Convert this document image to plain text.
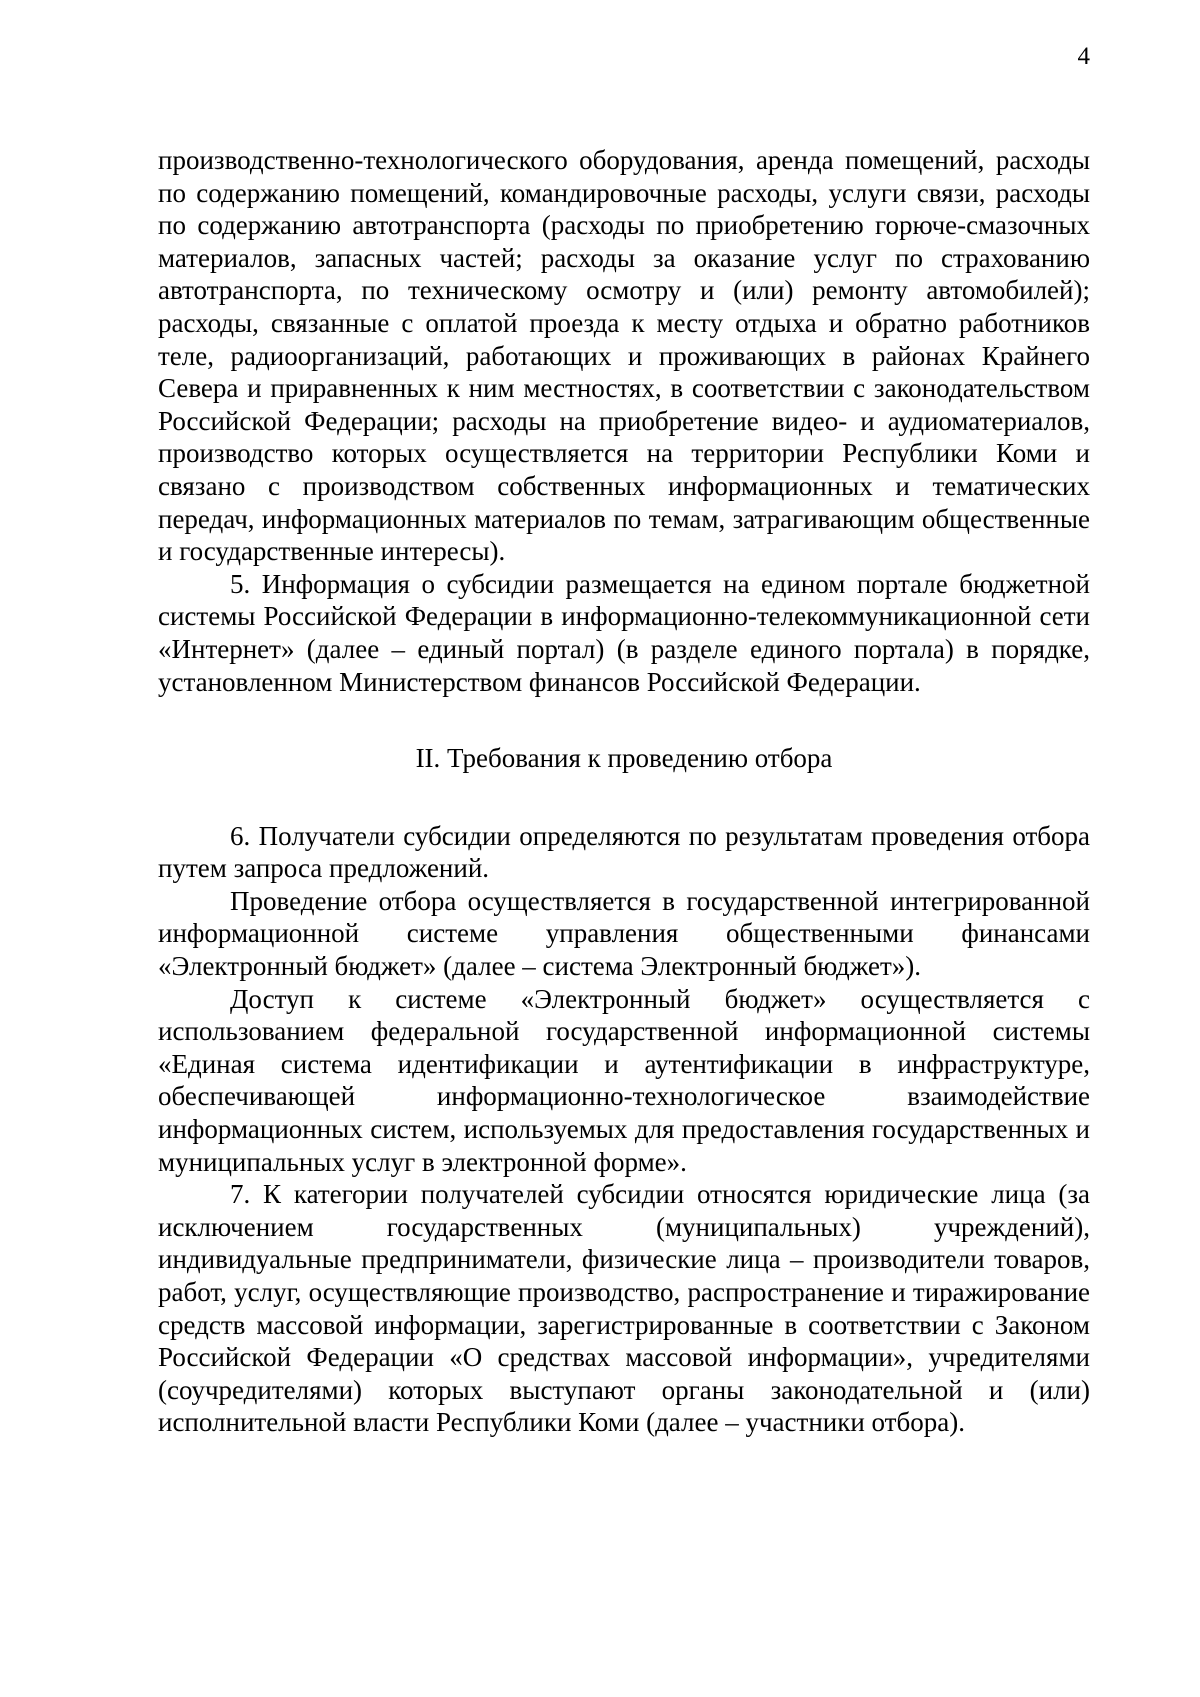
4

производственно-технологического оборудования, аренда помещений, расходы по содержанию помещений, командировочные расходы, услуги связи, расходы по содержанию автотранспорта (расходы по приобретению горюче-смазочных материалов, запасных частей; расходы за оказание услуг по страхованию автотранспорта, по техническому осмотру и (или) ремонту автомобилей); расходы, связанные с оплатой проезда к месту отдыха и обратно работников теле, радиоорганизаций, работающих и проживающих в районах Крайнего Севера и приравненных к ним местностях, в соответствии с законодательством Российской Федерации; расходы на приобретение видео- и аудиоматериалов, производство которых осуществляется на территории Республики Коми и связано с производством собственных информационных и тематических передач, информационных материалов по темам, затрагивающим общественные и государственные интересы).

5. Информация о субсидии размещается на едином портале бюджетной системы Российской Федерации в информационно-телекоммуникационной сети «Интернет» (далее – единый портал) (в разделе единого портала) в порядке, установленном Министерством финансов Российской Федерации.

II. Требования к проведению отбора

6. Получатели субсидии определяются по результатам проведения отбора путем запроса предложений.

Проведение отбора осуществляется в государственной интегрированной информационной системе управления общественными финансами «Электронный бюджет» (далее – система Электронный бюджет»).

Доступ к системе «Электронный бюджет» осуществляется с использованием федеральной государственной информационной системы «Единая система идентификации и аутентификации в инфраструктуре, обеспечивающей информационно-технологическое взаимодействие информационных систем, используемых для предоставления государственных и муниципальных услуг в электронной форме».

7. К категории получателей субсидии относятся юридические лица (за исключением государственных (муниципальных) учреждений), индивидуальные предприниматели, физические лица – производители товаров, работ, услуг, осуществляющие производство, распространение и тиражирование средств массовой информации, зарегистрированные в соответствии с Законом Российской Федерации «О средствах массовой информации», учредителями (соучредителями) которых выступают органы законодательной и (или) исполнительной власти Республики Коми (далее – участники отбора).
